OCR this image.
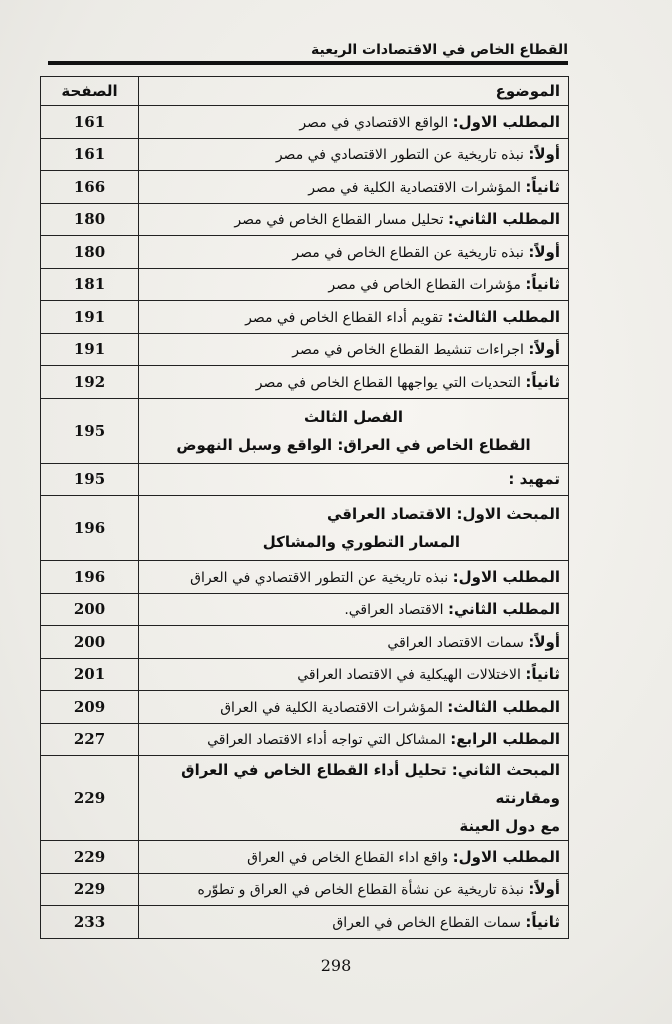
القطاع الخاص في الاقتصادات الريعية
الموضوع	الصفحة
المطلب الاول: الواقع الاقتصادي في مصر	161
أولاً: نبذه تاريخية عن التطور الاقتصادي في مصر	161
ثانياً: المؤشرات الاقتصادية الكلية في مصر	166
المطلب الثاني: تحليل مسار القطاع الخاص في مصر	180
أولاً: نبذه تاريخية عن القطاع الخاص في مصر	180
ثانياً: مؤشرات القطاع الخاص في مصر	181
المطلب الثالث: تقويم أداء القطاع الخاص في مصر	191
أولاً: اجراءات تنشيط القطاع الخاص في مصر	191
ثانياً: التحديات التي يواجهها القطاع الخاص في مصر	192

الفصل الثالث
القطاع الخاص في العراق: الواقع وسبل النهوض	195
تمهيد :	195

المبحث الاول: الاقتصاد العراقي
المسار التطوري والمشاكل	196
المطلب الاول: نبذه تاريخية عن التطور الاقتصادي في العراق	196
المطلب الثاني: الاقتصاد العراقي.	200
أولاً: سمات الاقتصاد العراقي	200
ثانياً: الاختلالات الهيكلية في الاقتصاد العراقي	201
المطلب الثالث: المؤشرات الاقتصادية الكلية في العراق	209
المطلب الرابع: المشاكل التي تواجه أداء الاقتصاد العراقي	227

المبحث الثاني: تحليل أداء القطاع الخاص في العراق ومقارنته
مع دول العينة	229
المطلب الاول: واقع اداء القطاع الخاص في العراق	229
أولاً: نبذة تاريخية عن نشأة القطاع الخاص في العراق و تطوّره	229
ثانياً: سمات القطاع الخاص في العراق	233
298
